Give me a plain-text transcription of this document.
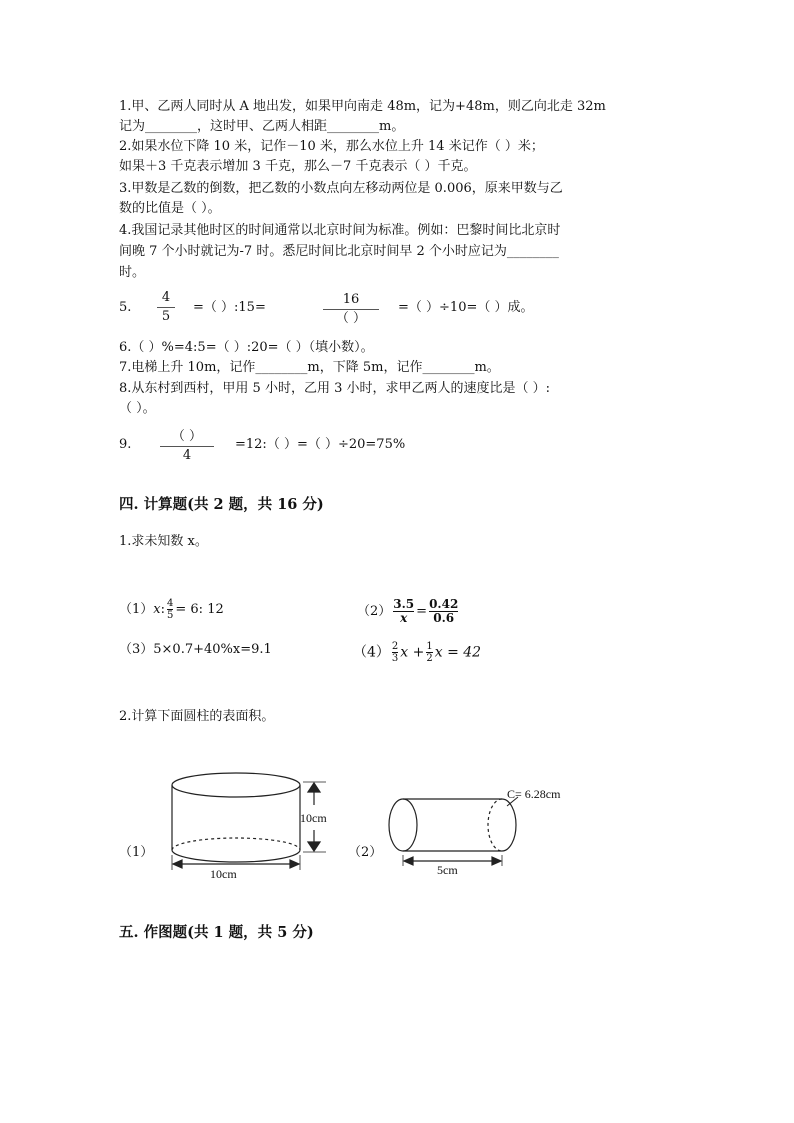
1.甲、乙两人同时从 A 地出发，如果甲向南走 48m，记为+48m，则乙向北走 32m
记为________，这时甲、乙两人相距________m。
2.如果水位下降 10 米，记作－10 米，那么水位上升 14 米记作（ ）米；
如果＋3 千克表示增加 3 千克，那么－7 千克表示（ ）千克。
3.甲数是乙数的倒数，把乙数的小数点向左移动两位是 0.006，原来甲数与乙
数的比值是（ ）。
4.我国记录其他时区的时间通常以北京时间为标准。例如：巴黎时间比北京时
间晚 7 个小时就记为-7 时。悉尼时间比北京时间早 2 个小时应记为________
时。
5.
4
5
=（ ）:15=
16
（ ）
=（ ）÷10=（ ）成。
6.（ ）%=4:5=（ ）:20=（ ）（填小数）。
7.电梯上升 10m，记作________m，下降 5m，记作________m。
8.从东村到西村，甲用 5 小时，乙用 3 小时，求甲乙两人的速度比是（ ）:
（ ）。
9.
（ ）
4
=12:（ ）=（ ）÷20=75%
四. 计算题(共 2 题，共 16 分)
1.求未知数 x。
（1）x: $\frac{4}{5} = 6$: 12	$(2) \frac{3.5}{x} = \frac{0.42}{0.6}$
（3）5×0.7+40%x=9.1	$(4) \frac{2}{3}$ $x + \frac{1}{2}$ x = 42
2.计算下面圆柱的表面积。
（1）	（2）
10cm
10cm
C= 6.28cm
5cm
五. 作图题(共 1 题，共 5 分)
